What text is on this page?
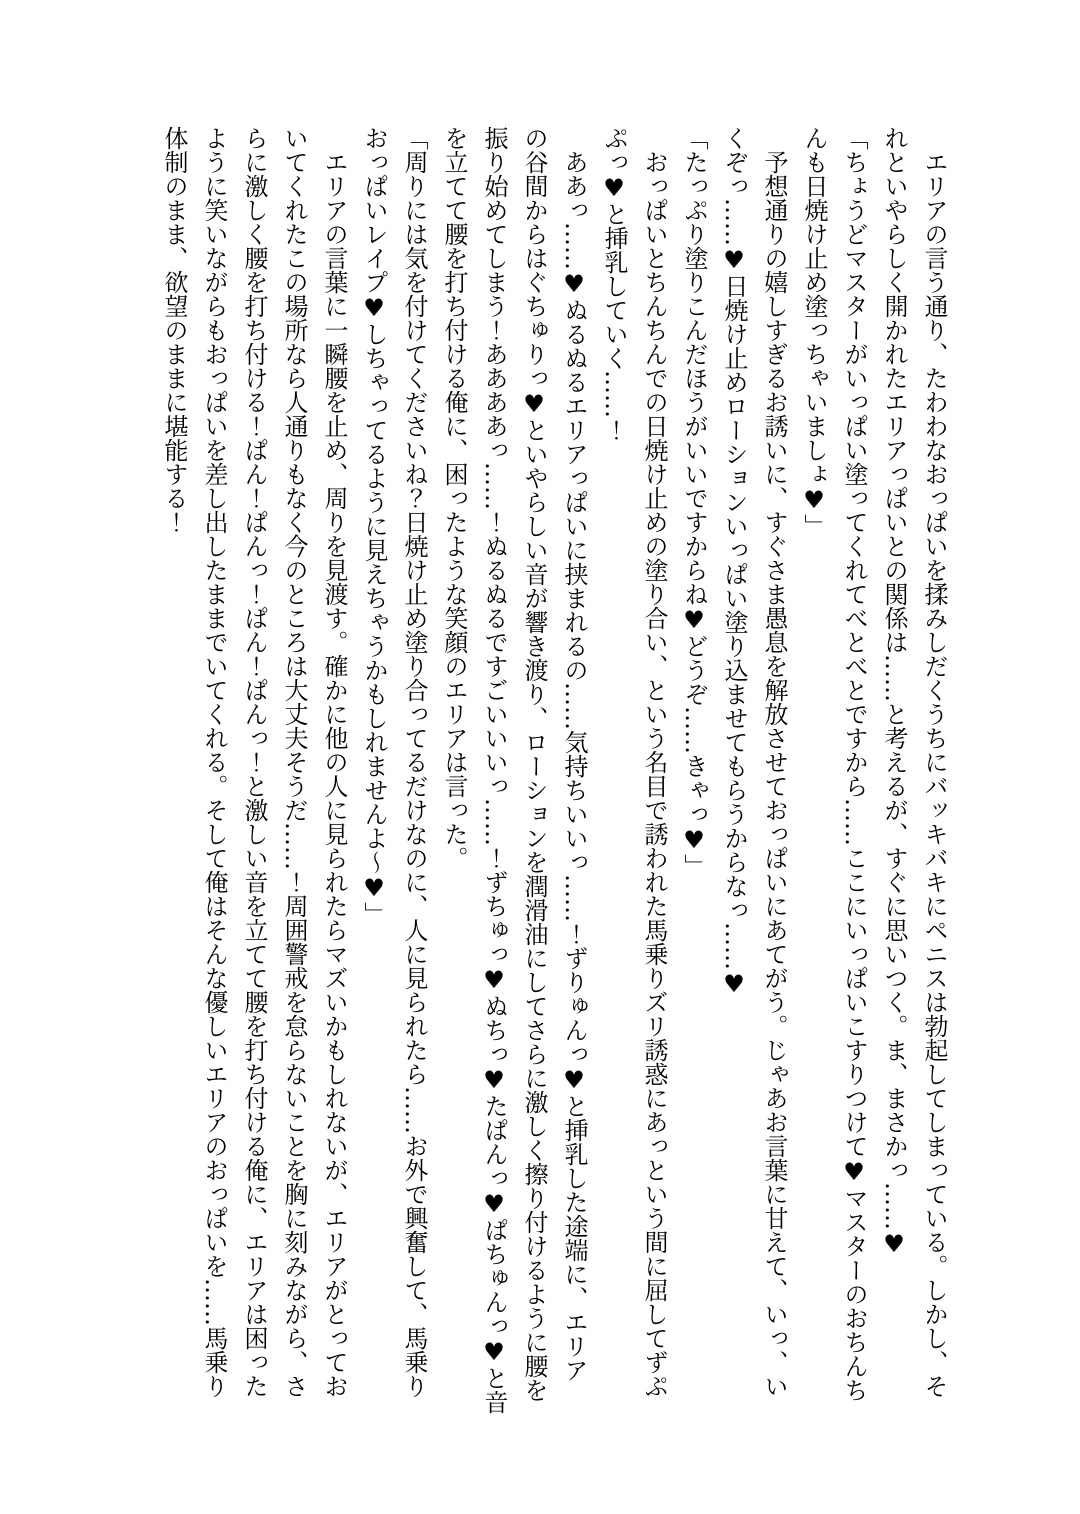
エリアの言う通り、たわわなおっぱいを揉みしだくうちにバッキバキにペニスは勃起してしまっている。しかし、そ
れといやらしく開かれたエリアっぱいとの関係は……と考えるが、すぐに思いつく。ま、まさかっ……♥
「ちょうどマスターがいっぱい塗ってくれてべとべとですから……ここにいっぱいこすりつけて♥マスターのおちんち
んも日焼け止め塗っちゃいましょ♥」
予想通りの嬉しすぎるお誘いに、すぐさま愚息を解放させておっぱいにあてがう。じゃあお言葉に甘えて、いっ、い
くぞっ……♥日焼け止めローションいっぱい塗り込ませてもらうからなっ……♥
「たっぷり塗りこんだほうがいいですからね♥どうぞ……きゃっ♥」
おっぱいとちんちんでの日焼け止めの塗り合い、という名目で誘われた馬乗りズリ誘惑にあっという間に屈してずぷ
ぷっ♥と挿乳していく……！
ああっ……♥ぬるぬるエリアっぱいに挟まれるの……気持ちいいっ……！ずりゅんっ♥と挿乳した途端に、エリア
の谷間からはぐちゅりっ♥といやらしい音が響き渡り、ローションを潤滑油にしてさらに激しく擦り付けるように腰を
振り始めてしまう！ああああっ……！ぬるぬるですごいいいっ……！ずちゅっ♥ぬちっ♥たぱんっ♥ぱちゅんっ♥と音
を立てて腰を打ち付ける俺に、困ったような笑顔のエリアは言った。
「周りには気を付けてくださいね？日焼け止め塗り合ってるだけなのに、人に見られたら……お外で興奮して、馬乗り
おっぱいレイプ♥しちゃってるように見えちゃうかもしれませんよ〜♥」
エリアの言葉に一瞬腰を止め、周りを見渡す。確かに他の人に見られたらマズいかもしれないが、エリアがとってお
いてくれたこの場所なら人通りもなく今のところは大丈夫そうだ……！周囲警戒を怠らないことを胸に刻みながら、さ
らに激しく腰を打ち付ける！ぱん！ぱんっ！ぱん！ぱんっ！と激しい音を立てて腰を打ち付ける俺に、エリアは困った
ように笑いながらもおっぱいを差し出したままでいてくれる。そして俺はそんな優しいエリアのおっぱいを……馬乗り
体制のまま、欲望のままに堪能する！
